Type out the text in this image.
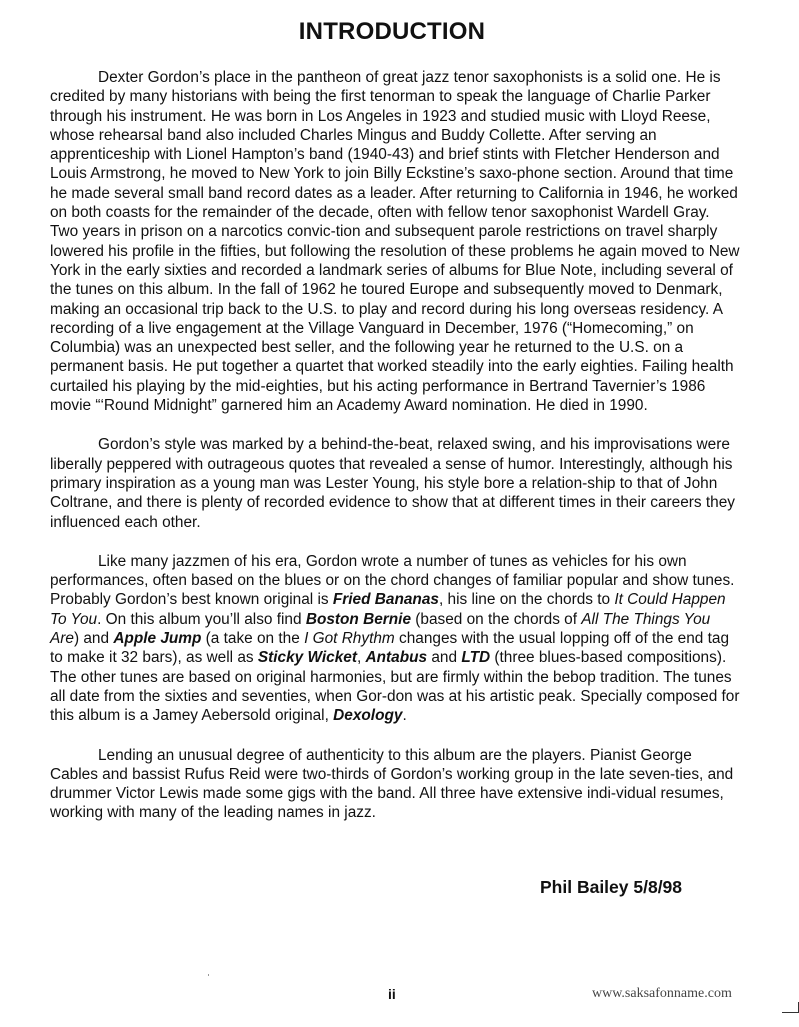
INTRODUCTION

Dexter Gordon’s place in the pantheon of great jazz tenor saxophonists is a solid one. He is credited by many historians with being the first tenorman to speak the language of Charlie Parker through his instrument. He was born in Los Angeles in 1923 and studied music with Lloyd Reese, whose rehearsal band also included Charles Mingus and Buddy Collette. After serving an apprenticeship with Lionel Hampton’s band (1940-43) and brief stints with Fletcher Henderson and Louis Armstrong, he moved to New York to join Billy Eckstine’s saxo-phone section. Around that time he made several small band record dates as a leader. After returning to California in 1946, he worked on both coasts for the remainder of the decade, often with fellow tenor saxophonist Wardell Gray. Two years in prison on a narcotics convic-tion and subsequent parole restrictions on travel sharply lowered his profile in the fifties, but following the resolution of these problems he again moved to New York in the early sixties and recorded a landmark series of albums for Blue Note, including several of the tunes on this album. In the fall of 1962 he toured Europe and subsequently moved to Denmark, making an occasional trip back to the U.S. to play and record during his long overseas residency. A recording of a live engagement at the Village Vanguard in December, 1976 (“Homecoming,” on Columbia) was an unexpected best seller, and the following year he returned to the U.S. on a permanent basis. He put together a quartet that worked steadily into the early eighties. Failing health curtailed his playing by the mid-eighties, but his acting performance in Bertrand Tavernier’s 1986 movie “‘Round Midnight” garnered him an Academy Award nomination. He died in 1990.

Gordon’s style was marked by a behind-the-beat, relaxed swing, and his improvisations were liberally peppered with outrageous quotes that revealed a sense of humor. Interestingly, although his primary inspiration as a young man was Lester Young, his style bore a relation-ship to that of John Coltrane, and there is plenty of recorded evidence to show that at different times in their careers they influenced each other.

Like many jazzmen of his era, Gordon wrote a number of tunes as vehicles for his own performances, often based on the blues or on the chord changes of familiar popular and show tunes. Probably Gordon’s best known original is Fried Bananas, his line on the chords to It Could Happen To You. On this album you’ll also find Boston Bernie (based on the chords of All The Things You Are) and Apple Jump (a take on the I Got Rhythm changes with the usual lopping off of the end tag to make it 32 bars), as well as Sticky Wicket, Antabus and LTD (three blues-based compositions). The other tunes are based on original harmonies, but are firmly within the bebop tradition. The tunes all date from the sixties and seventies, when Gor-don was at his artistic peak. Specially composed for this album is a Jamey Aebersold original, Dexology.

Lending an unusual degree of authenticity to this album are the players. Pianist George Cables and bassist Rufus Reid were two-thirds of Gordon’s working group in the late seven-ties, and drummer Victor Lewis made some gigs with the band. All three have extensive indi-vidual resumes, working with many of the leading names in jazz.

Phil Bailey 5/8/98
ii	www.saksafonname.com
